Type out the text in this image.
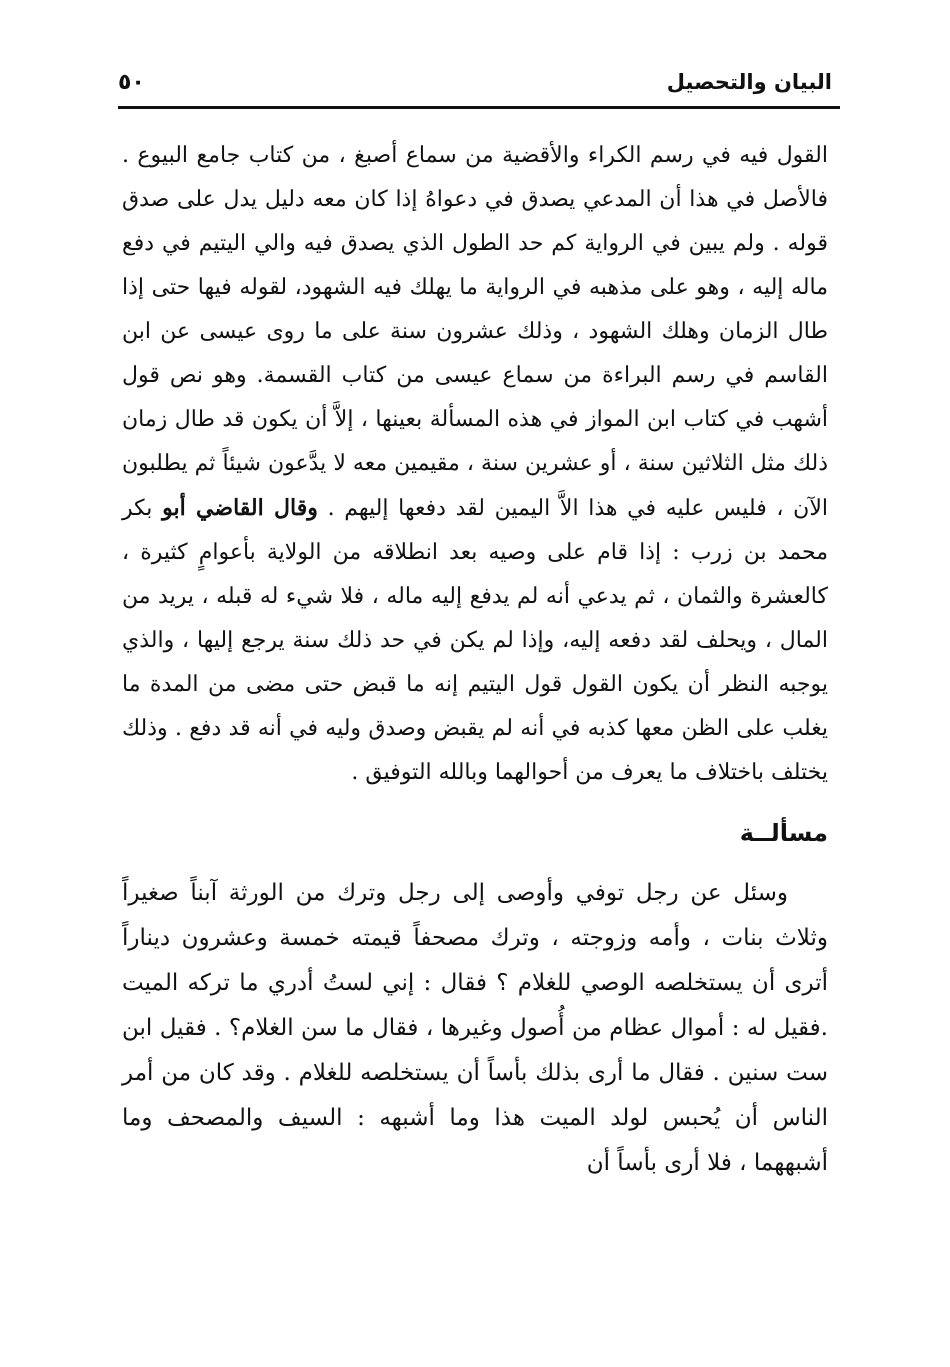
البيان والتحصيل
٥٠

القول فيه في رسم الكراء والأقضية من سماع أصبغ ، من كتاب جامع البيوع . فالأصل في هذا أن المدعي يصدق في دعواهُ إذا كان معه دليل يدل على صدق قوله . ولم يبين في الرواية كم حد الطول الذي يصدق فيه والي اليتيم في دفع ماله إليه ، وهو على مذهبه في الرواية ما يهلك فيه الشهود، لقوله فيها حتى إذا طال الزمان وهلك الشهود ، وذلك عشرون سنة على ما روى عيسى عن ابن القاسم في رسم البراءة من سماع عيسى من كتاب القسمة. وهو نص قول أشهب في كتاب ابن المواز في هذه المسألة بعينها ، إلاَّ أن يكون قد طال زمان ذلك مثل الثلاثين سنة ، أو عشرين سنة ، مقيمين معه لا يدَّعون شيئاً ثم يطلبون الآن ، فليس عليه في هذا الاَّ اليمين لقد دفعها إليهم . وقال القاضي أبو بكر محمد بن زرب : إذا قام على وصيه بعد انطلاقه من الولاية بأعوامٍ كثيرة ، كالعشرة والثمان ، ثم يدعي أنه لم يدفع إليه ماله ، فلا شيء له قبله ، يريد من المال ، ويحلف لقد دفعه إليه، وإذا لم يكن في حد ذلك سنة يرجع إليها ، والذي يوجبه النظر أن يكون القول قول اليتيم إنه ما قبض حتى مضى من المدة ما يغلب على الظن معها كذبه في أنه لم يقبض وصدق وليه في أنه قد دفع . وذلك يختلف باختلاف ما يعرف من أحوالهما وبالله التوفيق .

مسألــة

وسئل عن رجل توفي وأوصى إلى رجل وترك من الورثة آبناً صغيراً وثلاث بنات ، وأمه وزوجته ، وترك مصحفاً قيمته خمسة وعشرون ديناراً أترى أن يستخلصه الوصي للغلام ؟ فقال : إني لستُ أدري ما تركه الميت .فقيل له : أموال عظام من أُصول وغيرها ، فقال ما سن الغلام؟ . فقيل ابن ست سنين . فقال ما أرى بذلك بأساً أن يستخلصه للغلام . وقد كان من أمر الناس أن يُحبس لولد الميت هذا وما أشبهه : السيف والمصحف وما أشبههما ، فلا أرى بأساً أن
